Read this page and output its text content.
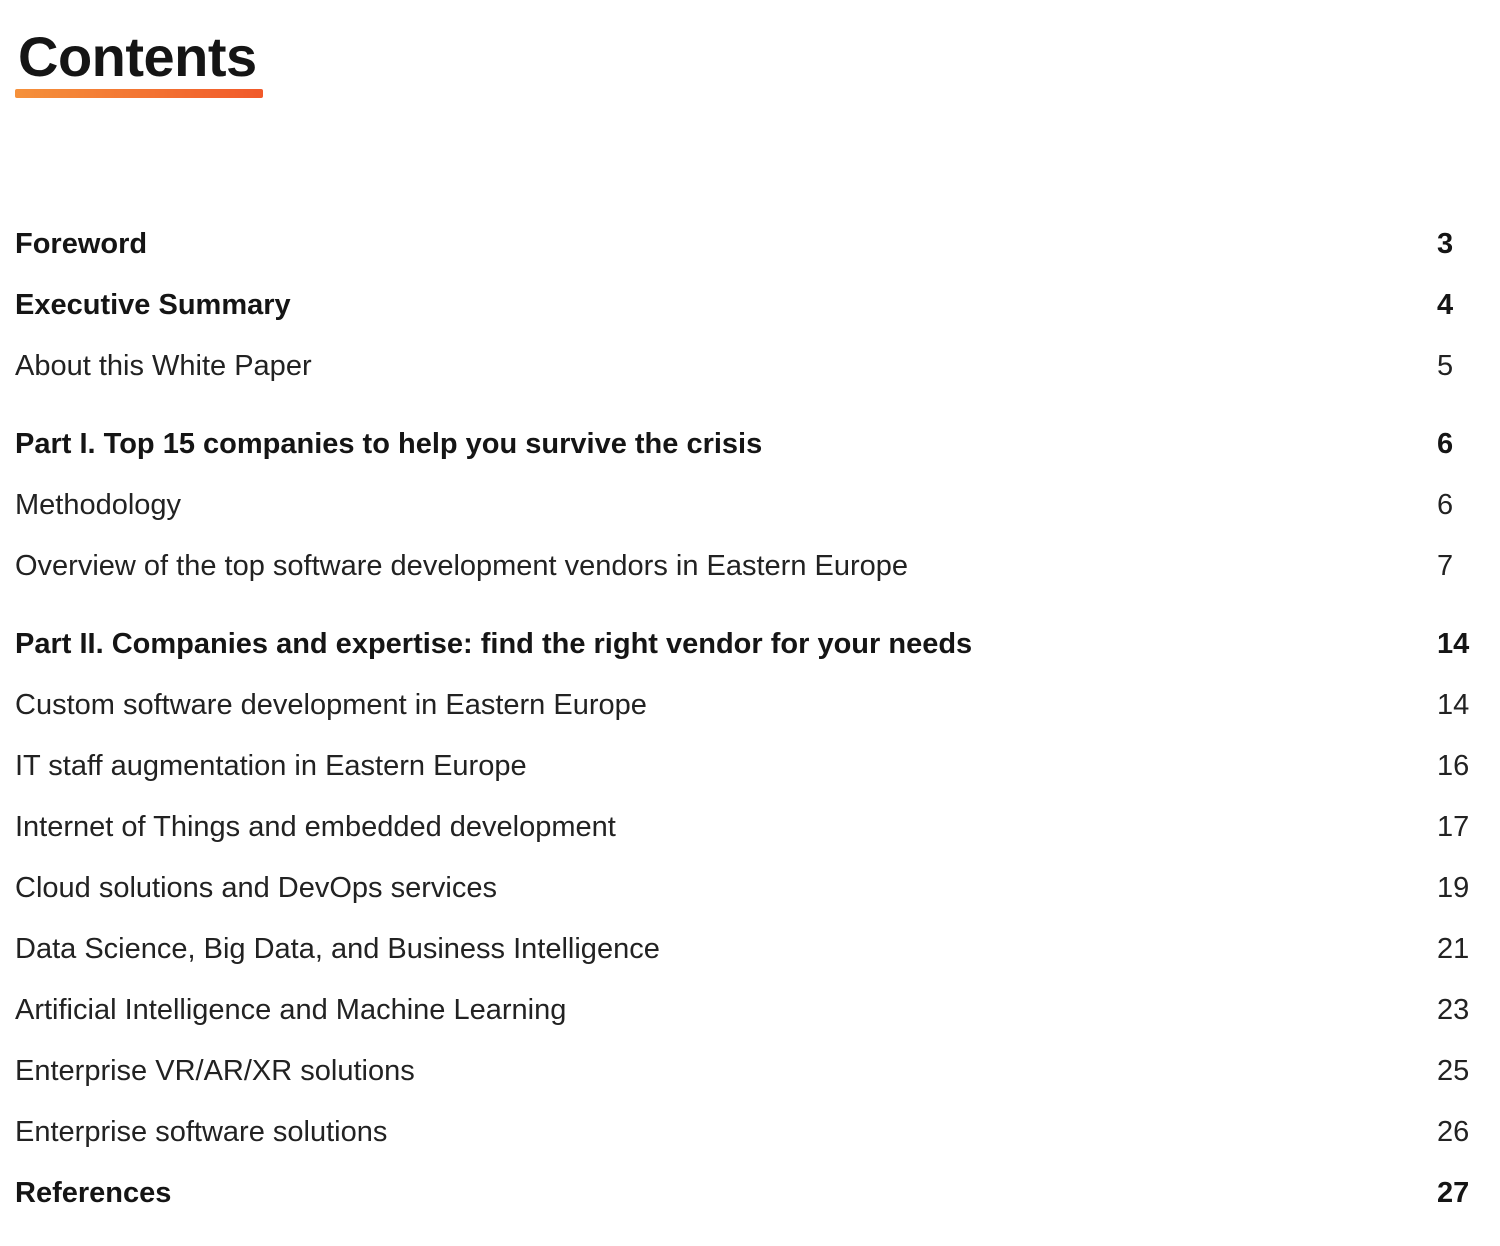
Contents
Foreword	3
Executive Summary	4
About this White Paper	5
Part I. Top 15 companies to help you survive the crisis	6
Methodology	6
Overview of the top software development vendors in Eastern Europe	7
Part II. Companies and expertise: find the right vendor for your needs	14
Custom software development in Eastern Europe	14
IT staff augmentation in Eastern Europe	16
Internet of Things and embedded development	17
Cloud solutions and DevOps services	19
Data Science, Big Data, and Business Intelligence	21
Artificial Intelligence and Machine Learning	23
Enterprise VR/AR/XR solutions	25
Enterprise software solutions	26
References	27
